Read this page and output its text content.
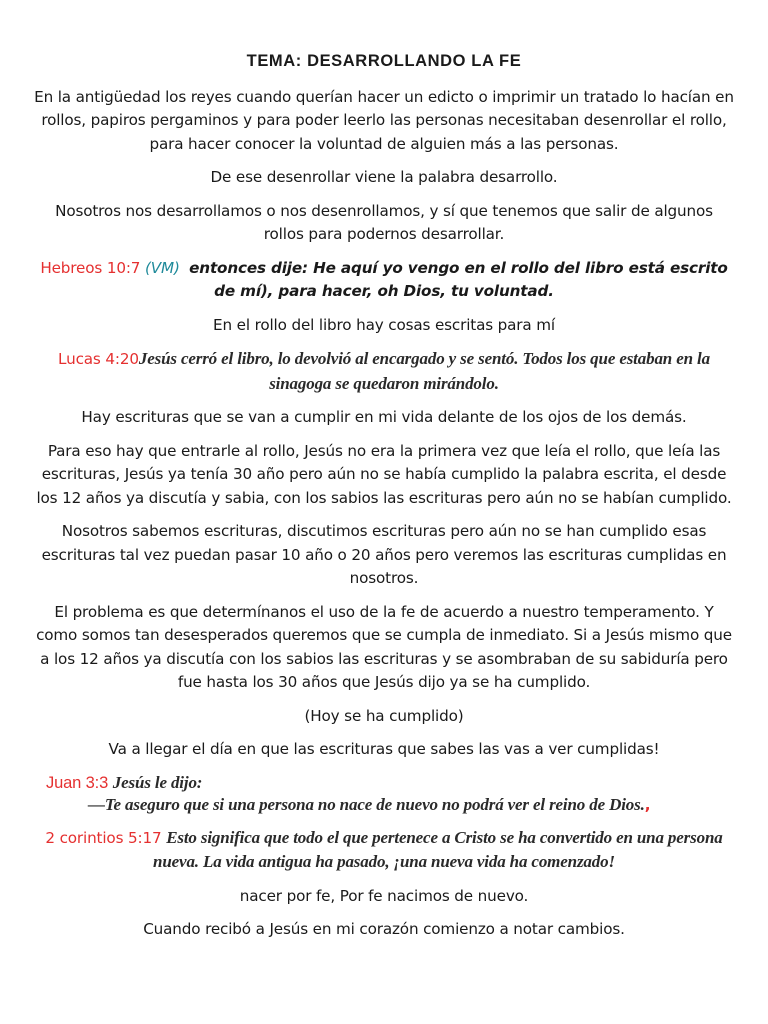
TEMA: DESARROLLANDO LA FE
En la antigüedad los reyes cuando querían hacer un edicto o imprimir un tratado lo hacían en rollos, papiros pergaminos y para poder leerlo las personas necesitaban desenrollar el rollo, para hacer conocer la voluntad de alguien más a las personas.
De ese desenrollar viene la palabra desarrollo.
Nosotros nos desarrollamos o nos desenrollamos, y sí que tenemos que salir de algunos rollos para podernos desarrollar.
Hebreos 10:7 (VM) entonces dije: He aquí yo vengo en el rollo del libro está escrito de mí), para hacer, oh Dios, tu voluntad.
En el rollo del libro hay cosas escritas para mí
Lucas 4:20Jesús cerró el libro, lo devolvió al encargado y se sentó. Todos los que estaban en la sinagoga se quedaron mirándolo.
Hay escrituras que se van a cumplir en mi vida delante de los ojos de los demás.
Para eso hay que entrarle al rollo, Jesús no era la primera vez que leía el rollo, que leía las escrituras, Jesús ya tenía 30 año pero aún no se había cumplido la palabra escrita, el desde los 12 años ya discutía y sabia, con los sabios las escrituras pero aún no se habían cumplido.
Nosotros sabemos escrituras, discutimos escrituras pero aún no se han cumplido esas escrituras tal vez puedan pasar 10 año o 20 años pero veremos las escrituras cumplidas en nosotros.
El problema es que determínanos el uso de la fe de acuerdo a nuestro temperamento. Y como somos tan desesperados queremos que se cumpla de inmediato. Si a Jesús mismo que a los 12 años ya discutía con los sabios las escrituras y se asombraban de su sabiduría pero fue hasta los 30 años que Jesús dijo ya se ha cumplido.
(Hoy se ha cumplido)
Va a llegar el día en que las escrituras que sabes las vas a ver cumplidas!
Juan 3:3 Jesús le dijo:
—Te aseguro que si una persona no nace de nuevo no podrá ver el reino de Dios.,
2 corintios 5:17 Esto significa que todo el que pertenece a Cristo se ha convertido en una persona nueva. La vida antigua ha pasado, ¡una nueva vida ha comenzado!
nacer por fe, Por fe nacimos de nuevo.
Cuando recibó a Jesús en mi corazón comienzo a notar cambios.
